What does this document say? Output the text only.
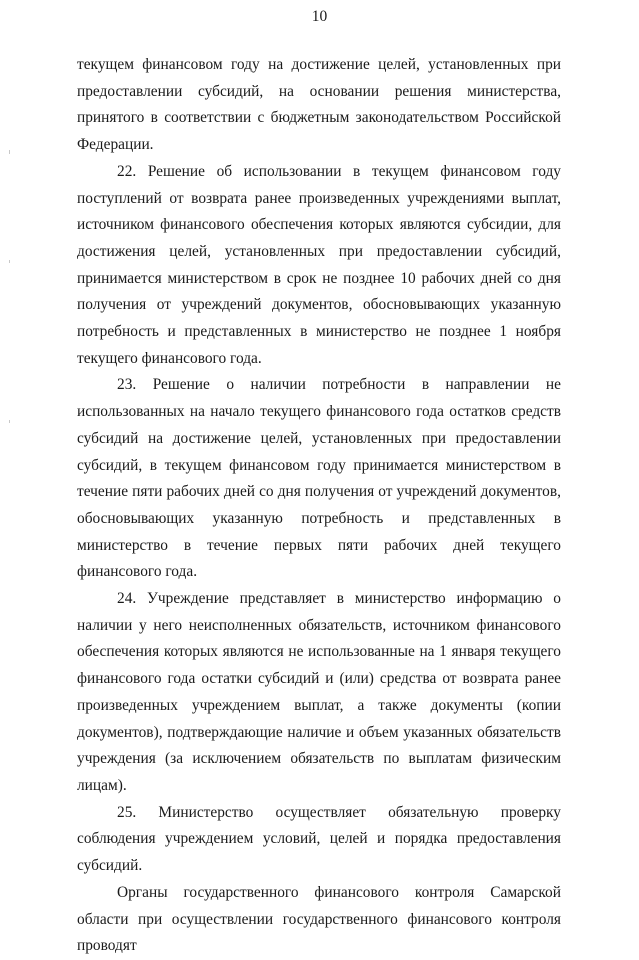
10

текущем финансовом году на достижение целей, установленных при предоставлении субсидий, на основании решения министерства, принятого в соответствии с бюджетным законодательством Российской Федерации.

22. Решение об использовании в текущем финансовом году поступлений от возврата ранее произведенных учреждениями выплат, источником финансового обеспечения которых являются субсидии, для достижения целей, установленных при предоставлении субсидий, принимается министерством в срок не позднее 10 рабочих дней со дня получения от учреждений документов, обосновывающих указанную потребность и представленных в министерство не позднее 1 ноября текущего финансового года.

23. Решение о наличии потребности в направлении не использованных на начало текущего финансового года остатков средств субсидий на достижение целей, установленных при предоставлении субсидий, в текущем финансовом году принимается министерством в течение пяти рабочих дней со дня получения от учреждений документов, обосновывающих указанную потребность и представленных в министерство в течение первых пяти рабочих дней текущего финансового года.

24. Учреждение представляет в министерство информацию о наличии у него неисполненных обязательств, источником финансового обеспечения которых являются не использованные на 1 января текущего финансового года остатки субсидий и (или) средства от возврата ранее произведенных учреждением выплат, а также документы (копии документов), подтверждающие наличие и объем указанных обязательств учреждения (за исключением обязательств по выплатам физическим лицам).

25. Министерство осуществляет обязательную проверку соблюдения учреждением условий, целей и порядка предоставления субсидий.

Органы государственного финансового контроля Самарской области при осуществлении государственного финансового контроля проводят
